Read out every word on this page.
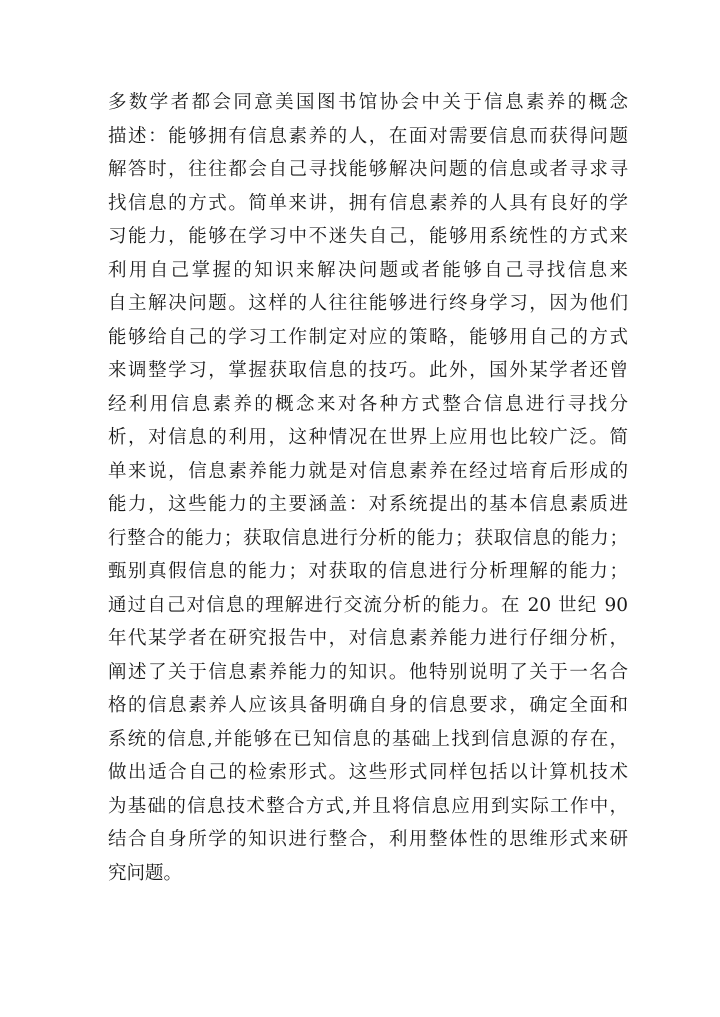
多数学者都会同意美国图书馆协会中关于信息素养的概念
描述：能够拥有信息素养的人，在面对需要信息而获得问题
解答时，往往都会自己寻找能够解决问题的信息或者寻求寻
找信息的方式。简单来讲，拥有信息素养的人具有良好的学
习能力，能够在学习中不迷失自己，能够用系统性的方式来
利用自己掌握的知识来解决问题或者能够自己寻找信息来
自主解决问题。这样的人往往能够进行终身学习，因为他们
能够给自己的学习工作制定对应的策略，能够用自己的方式
来调整学习，掌握获取信息的技巧。此外，国外某学者还曾
经利用信息素养的概念来对各种方式整合信息进行寻找分
析，对信息的利用，这种情况在世界上应用也比较广泛。简
单来说，信息素养能力就是对信息素养在经过培育后形成的
能力，这些能力的主要涵盖：对系统提出的基本信息素质进
行整合的能力；获取信息进行分析的能力；获取信息的能力；
甄别真假信息的能力；对获取的信息进行分析理解的能力；
通过自己对信息的理解进行交流分析的能力。在 20 世纪 90
年代某学者在研究报告中，对信息素养能力进行仔细分析，
阐述了关于信息素养能力的知识。他特别说明了关于一名合
格的信息素养人应该具备明确自身的信息要求，确定全面和
系统的信息,并能够在已知信息的基础上找到信息源的存在，
做出适合自己的检索形式。这些形式同样包括以计算机技术
为基础的信息技术整合方式,并且将信息应用到实际工作中，
结合自身所学的知识进行整合，利用整体性的思维形式来研
究问题。
